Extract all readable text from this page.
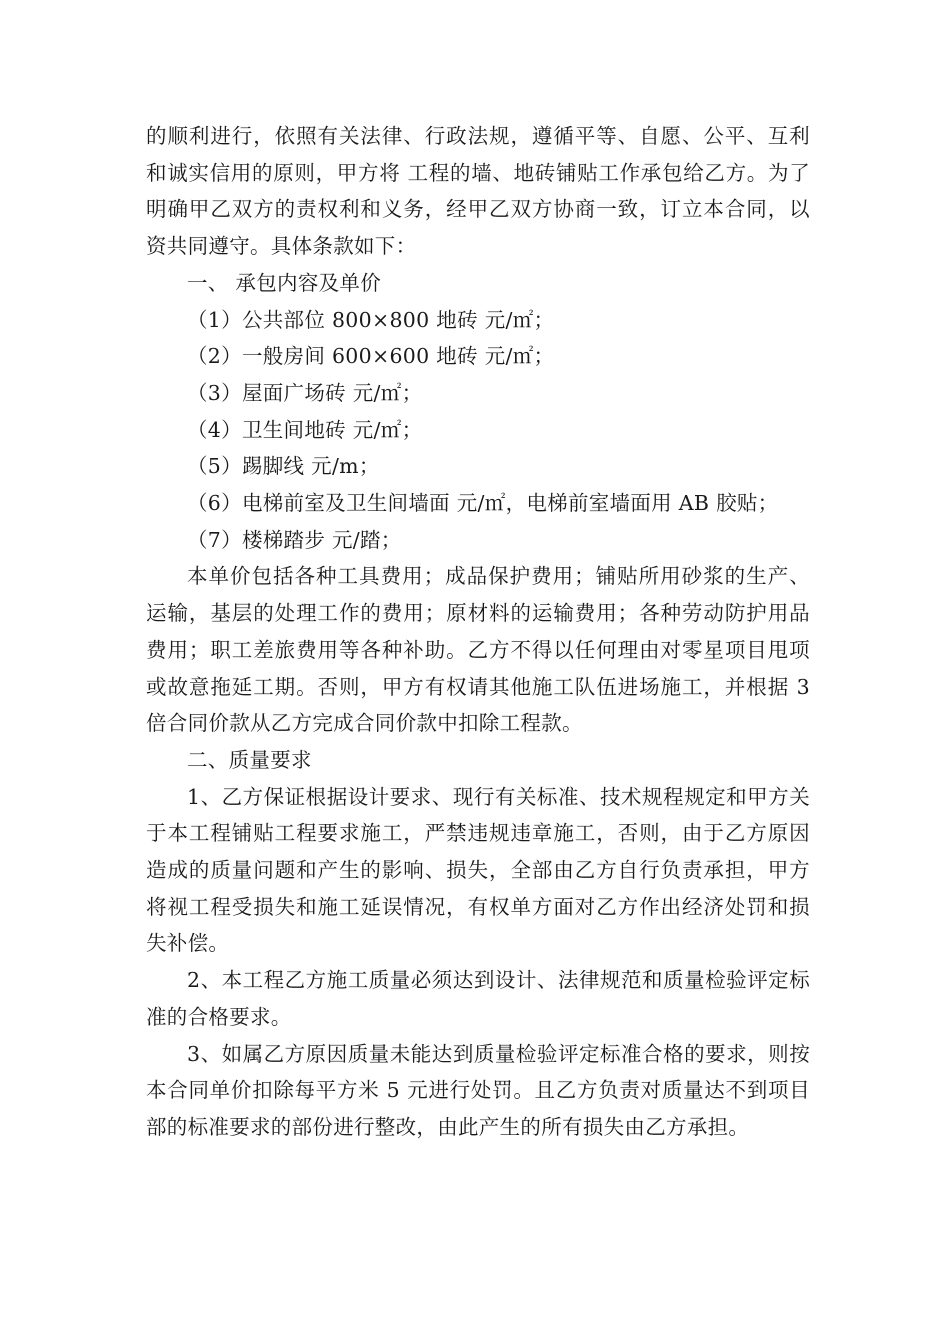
的顺利进行，依照有关法律、行政法规，遵循平等、自愿、公平、互利和诚实信用的原则，甲方将 工程的墙、地砖铺贴工作承包给乙方。为了明确甲乙双方的责权利和义务，经甲乙双方协商一致，订立本合同，以资共同遵守。具体条款如下：

一、 承包内容及单价

（1）公共部位 800×800 地砖 元/㎡；

（2）一般房间 600×600 地砖 元/㎡；

（3）屋面广场砖 元/㎡；

（4）卫生间地砖 元/㎡；

（5）踢脚线 元/m；

（6）电梯前室及卫生间墙面 元/㎡，电梯前室墙面用 AB 胶贴；

（7）楼梯踏步 元/踏；

本单价包括各种工具费用；成品保护费用；铺贴所用砂浆的生产、运输，基层的处理工作的费用；原材料的运输费用；各种劳动防护用品费用；职工差旅费用等各种补助。乙方不得以任何理由对零星项目甩项或故意拖延工期。否则，甲方有权请其他施工队伍进场施工，并根据 3 倍合同价款从乙方完成合同价款中扣除工程款。

二、质量要求

1、乙方保证根据设计要求、现行有关标准、技术规程规定和甲方关于本工程铺贴工程要求施工，严禁违规违章施工，否则，由于乙方原因造成的质量问题和产生的影响、损失，全部由乙方自行负责承担，甲方将视工程受损失和施工延误情况，有权单方面对乙方作出经济处罚和损失补偿。

2、本工程乙方施工质量必须达到设计、法律规范和质量检验评定标准的合格要求。

3、如属乙方原因质量未能达到质量检验评定标准合格的要求，则按本合同单价扣除每平方米 5 元进行处罚。且乙方负责对质量达不到项目部的标准要求的部份进行整改，由此产生的所有损失由乙方承担。
